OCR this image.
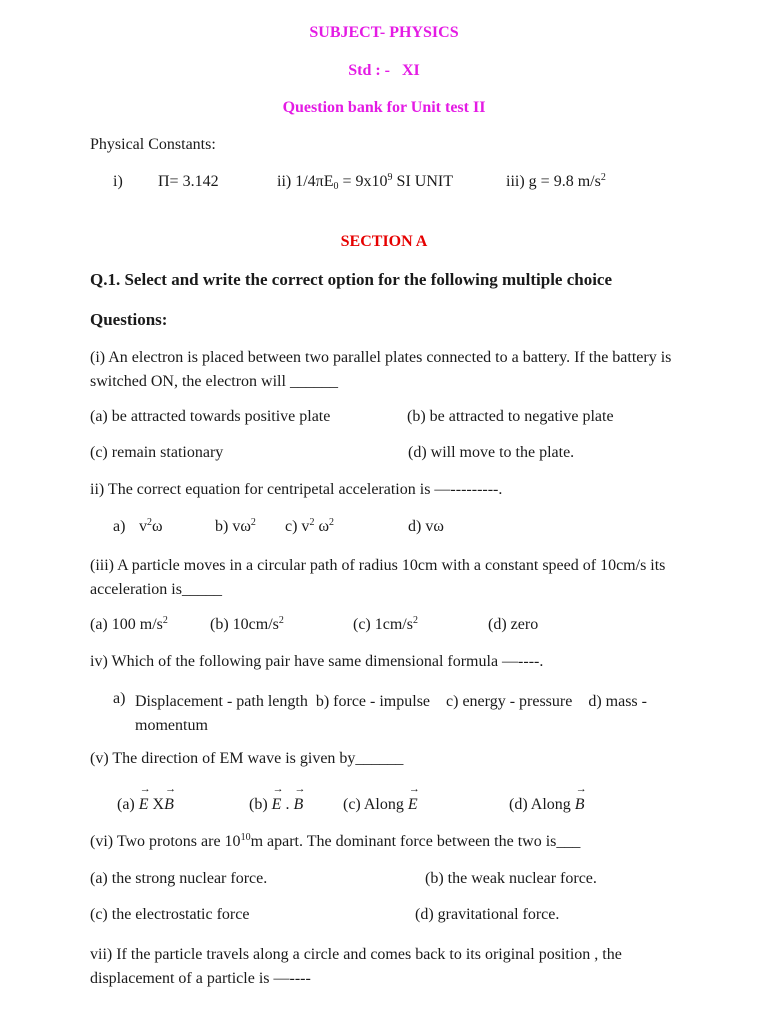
SUBJECT- PHYSICS
Std : - XI
Question bank for Unit test II
Physical Constants:
i) Π= 3.142	ii) $1/4\pi E_0 = 9x10^9$ SI UNIT	iii) g = 9.8 $m/s^2$
SECTION A
Q.1. Select and write the correct option for the following multiple choice
Questions:
(i) An electron is placed between two parallel plates connected to a battery. If the battery is switched ON, the electron will ______
(a) be attracted towards positive plate	(b) be attracted to negative plate
(c) remain stationary	(d) will move to the plate.
ii) The correct equation for centripetal acceleration is —---------.
a) $v^2\omega$	b) $v\omega^2$ c) $v^2$ $\omega^2$	d) vω
(iii) A particle moves in a circular path of radius 10cm with a constant speed of 10cm/s its acceleration is_____
(a) 100 $m/s^2$	(b) $10cm/s^2$	(c) $1cm/s^2$	(d) zero
iv) Which of the following pair have same dimensional formula —----.
a) Displacement - path length  b) force - impulse    c) energy - pressure    d) mass - momentum
(v) The direction of EM wave is given by______
(a) → E X→ B	(b) → E . → B (c) Along → E	(d) Along → B
(vi) Two protons are $10^{10}m$ apart. The dominant force between the two is___
(a) the strong nuclear force.	(b) the weak nuclear force.
(c) the electrostatic force	(d) gravitational force.
vii) If the particle travels along a circle and comes back to its original position , the displacement of a particle is —----
